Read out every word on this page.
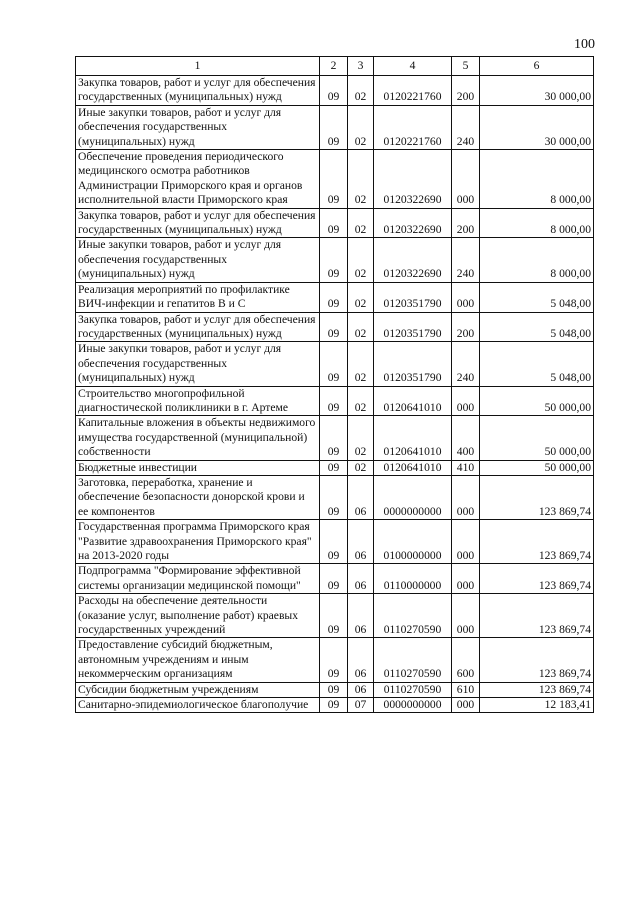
100
1	2	3	4	5	6
Закупка товаров, работ и услуг для обеспечения государственных (муниципальных) нужд	09	02	0120221760	200	30 000,00
Иные закупки товаров, работ и услуг для обеспечения государственных (муниципальных) нужд	09	02	0120221760	240	30 000,00
Обеспечение проведения периодического медицинского осмотра работников Администрации Приморского края и органов исполнительной власти Приморского края	09	02	0120322690	000	8 000,00
Закупка товаров, работ и услуг для обеспечения государственных (муниципальных) нужд	09	02	0120322690	200	8 000,00
Иные закупки товаров, работ и услуг для обеспечения государственных (муниципальных) нужд	09	02	0120322690	240	8 000,00
Реализация мероприятий по профилактике ВИЧ-инфекции и гепатитов В и С	09	02	0120351790	000	5 048,00
Закупка товаров, работ и услуг для обеспечения государственных (муниципальных) нужд	09	02	0120351790	200	5 048,00
Иные закупки товаров, работ и услуг для обеспечения государственных (муниципальных) нужд	09	02	0120351790	240	5 048,00
Строительство многопрофильной диагностической поликлиники в г. Артеме	09	02	0120641010	000	50 000,00
Капитальные вложения в объекты недвижимого имущества государственной (муниципальной) собственности	09	02	0120641010	400	50 000,00
Бюджетные инвестиции	09	02	0120641010	410	50 000,00
Заготовка, переработка, хранение и обеспечение безопасности донорской крови и ее компонентов	09	06	0000000000	000	123 869,74
Государственная программа Приморского края "Развитие здравоохранения Приморского края" на 2013-2020 годы	09	06	0100000000	000	123 869,74
Подпрограмма "Формирование эффективной системы организации медицинской помощи"	09	06	0110000000	000	123 869,74
Расходы на обеспечение деятельности (оказание услуг, выполнение работ) краевых государственных учреждений	09	06	0110270590	000	123 869,74
Предоставление субсидий бюджетным, автономным учреждениям и иным некоммерческим организациям	09	06	0110270590	600	123 869,74
Субсидии бюджетным учреждениям	09	06	0110270590	610	123 869,74
Санитарно-эпидемиологическое благополучие	09	07	0000000000	000	12 183,41
